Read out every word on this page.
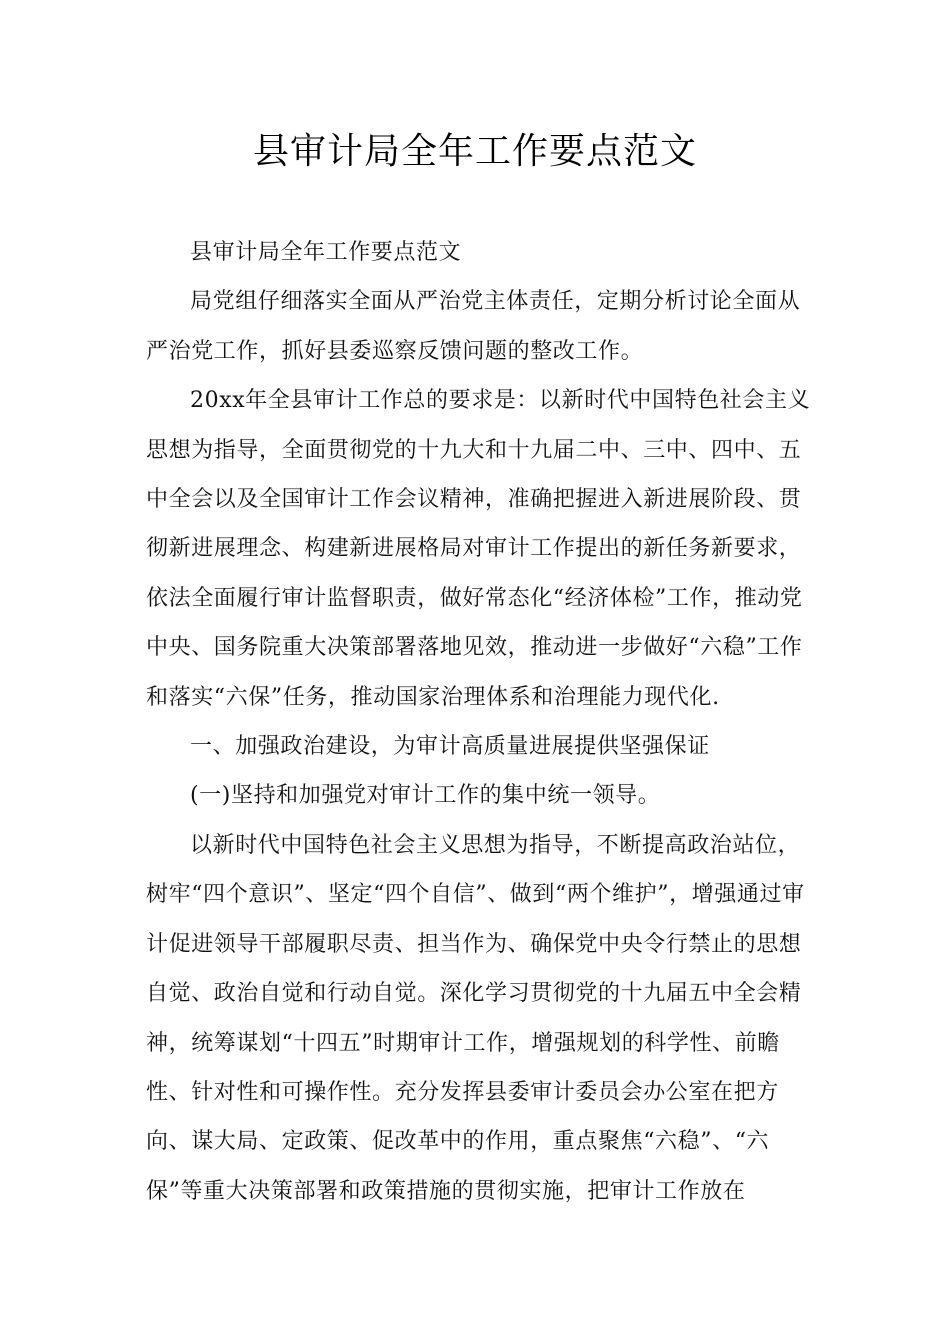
县审计局全年工作要点范文

县审计局全年工作要点范文

局党组仔细落实全面从严治党主体责任，定期分析讨论全面从严治党工作，抓好县委巡察反馈问题的整改工作。

20xx年全县审计工作总的要求是：以新时代中国特色社会主义思想为指导，全面贯彻党的十九大和十九届二中、三中、四中、五中全会以及全国审计工作会议精神，准确把握进入新进展阶段、贯彻新进展理念、构建新进展格局对审计工作提出的新任务新要求，依法全面履行审计监督职责，做好常态化“经济体检”工作，推动党中央、国务院重大决策部署落地见效，推动进一步做好“六稳”工作和落实“六保”任务，推动国家治理体系和治理能力现代化.

一、加强政治建设，为审计高质量进展提供坚强保证

(一)坚持和加强党对审计工作的集中统一领导。

以新时代中国特色社会主义思想为指导，不断提高政治站位，树牢“四个意识”、坚定“四个自信”、做到“两个维护”，增强通过审计促进领导干部履职尽责、担当作为、确保党中央令行禁止的思想自觉、政治自觉和行动自觉。深化学习贯彻党的十九届五中全会精神，统筹谋划“十四五”时期审计工作，增强规划的科学性、前瞻性、针对性和可操作性。充分发挥县委审计委员会办公室在把方向、谋大局、定政策、促改革中的作用，重点聚焦“六稳”、“六保”等重大决策部署和政策措施的贯彻实施，把审计工作放在
